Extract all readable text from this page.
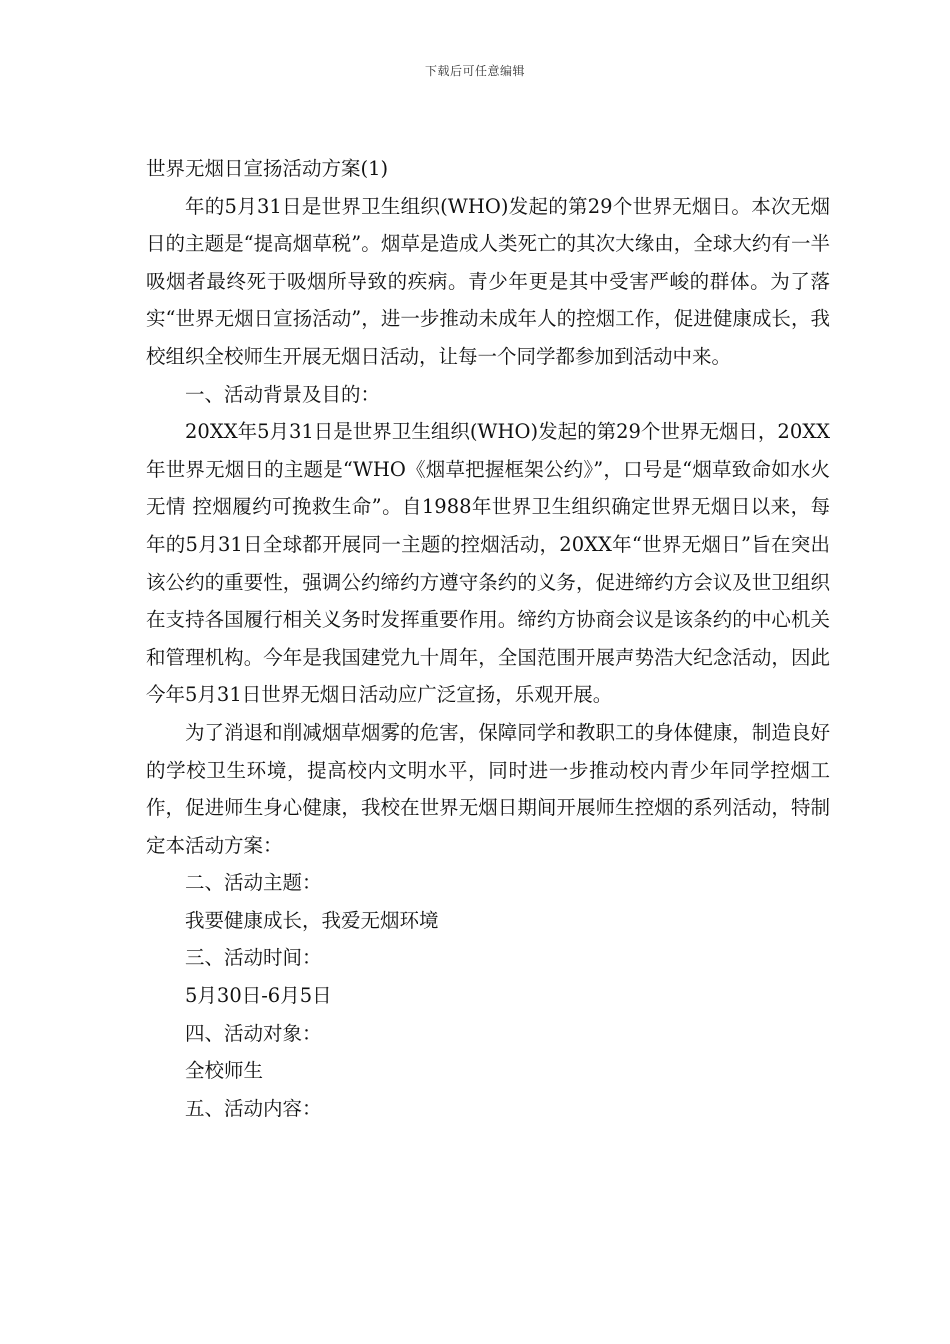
下载后可任意编辑

世界无烟日宣扬活动方案(1)

年的5月31日是世界卫生组织(WHO)发起的第29个世界无烟日。本次无烟日的主题是“提高烟草税”。烟草是造成人类死亡的其次大缘由，全球大约有一半吸烟者最终死于吸烟所导致的疾病。青少年更是其中受害严峻的群体。为了落实“世界无烟日宣扬活动”，进一步推动未成年人的控烟工作，促进健康成长，我校组织全校师生开展无烟日活动，让每一个同学都参加到活动中来。

一、活动背景及目的：

20XX年5月31日是世界卫生组织(WHO)发起的第29个世界无烟日，20XX年世界无烟日的主题是“WHO《烟草把握框架公约》”，口号是“烟草致命如水火无情 控烟履约可挽救生命”。自1988年世界卫生组织确定世界无烟日以来，每年的5月31日全球都开展同一主题的控烟活动，20XX年“世界无烟日”旨在突出该公约的重要性，强调公约缔约方遵守条约的义务，促进缔约方会议及世卫组织在支持各国履行相关义务时发挥重要作用。缔约方协商会议是该条约的中心机关和管理机构。今年是我国建党九十周年，全国范围开展声势浩大纪念活动，因此今年5月31日世界无烟日活动应广泛宣扬，乐观开展。

为了消退和削减烟草烟雾的危害，保障同学和教职工的身体健康，制造良好的学校卫生环境，提高校内文明水平，同时进一步推动校内青少年同学控烟工作，促进师生身心健康，我校在世界无烟日期间开展师生控烟的系列活动，特制定本活动方案：

二、活动主题：

我要健康成长，我爱无烟环境

三、活动时间：

5月30日-6月5日

四、活动对象：

全校师生

五、活动内容：
